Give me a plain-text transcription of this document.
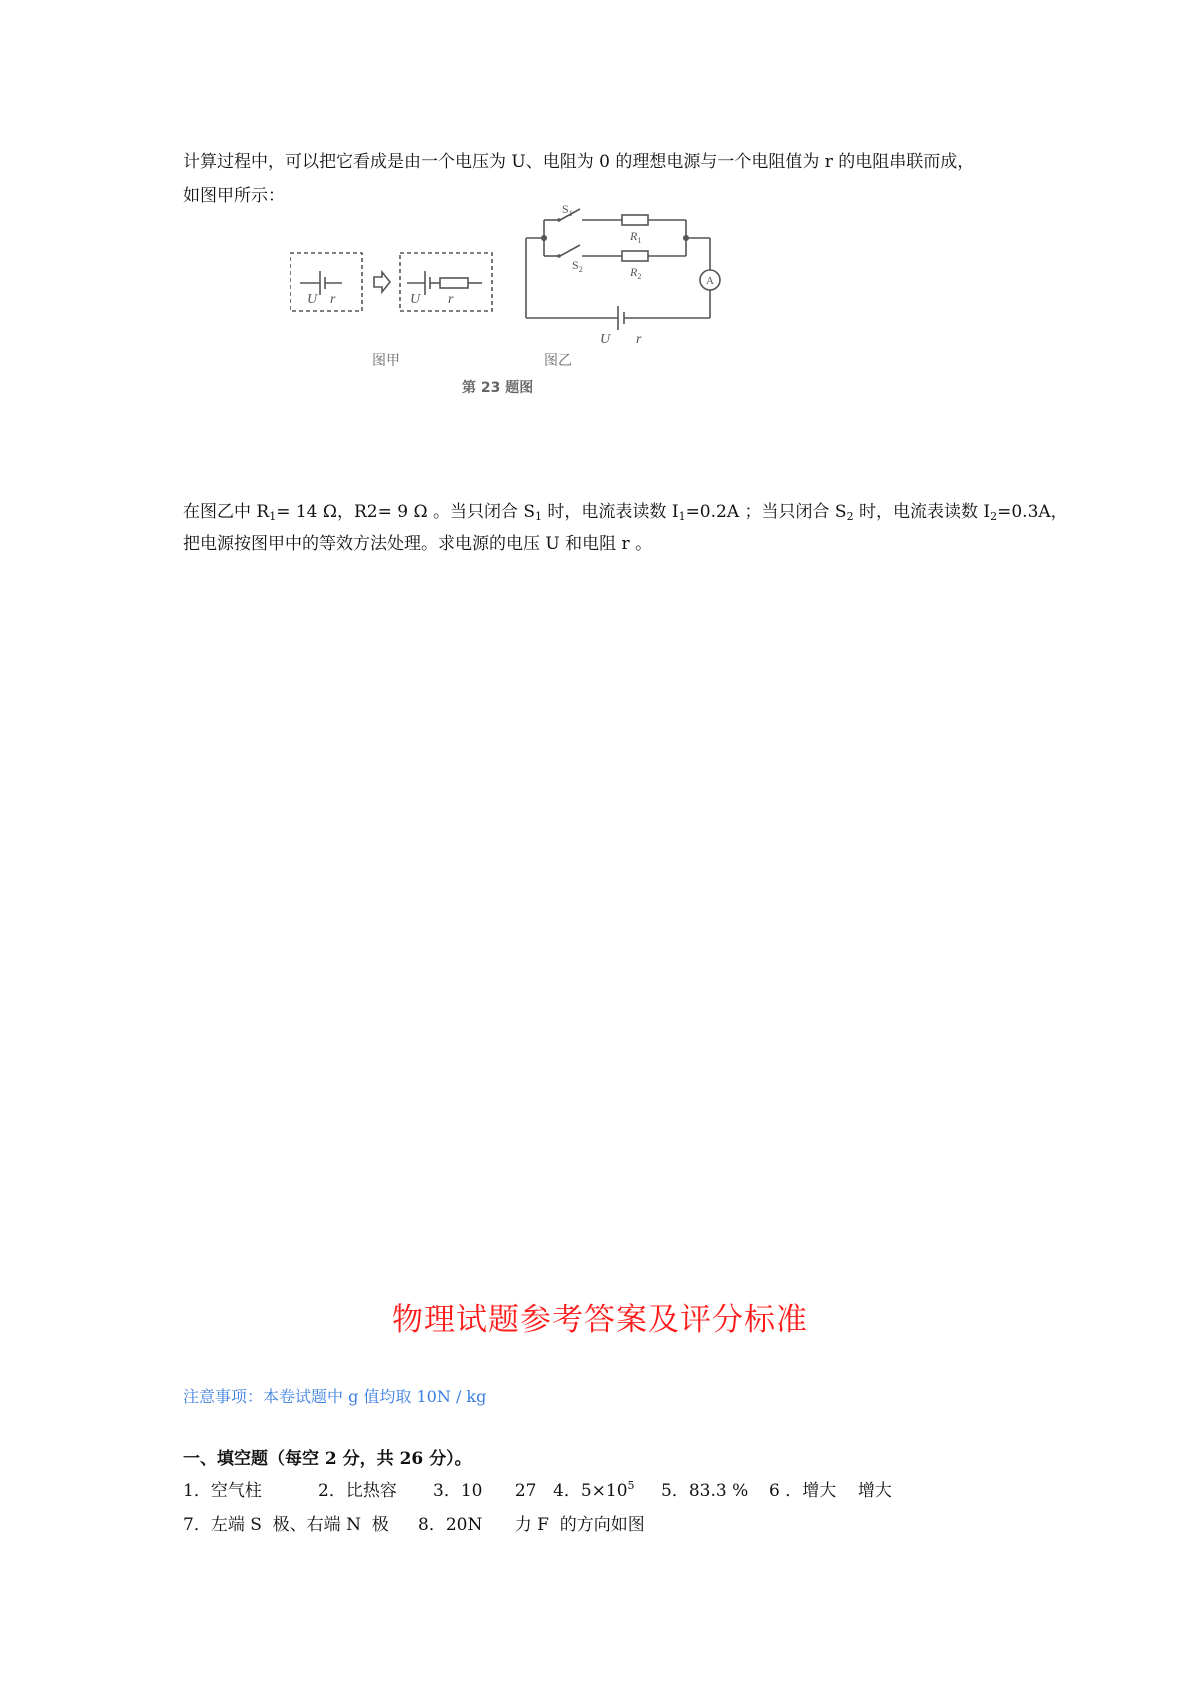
计算过程中，可以把它看成是由一个电压为 U、电阻为 0 的理想电源与一个电阻值为 r 的电阻串联而成，
如图甲所示：
U r	U r
U r
$R_1$
$R_2$
$S_1$
$S_2$
A
图甲	图乙
第 23 题图
在图乙中 $R_1= 14$ Ω，R2= 9 Ω 。当只闭合 $S_1$ 时，电流表读数 $I_1=0.2A$ ；当只闭合 $S_2$ 时，电流表读数 $I_2=0.3A$，
把电源按图甲中的等效方法处理。求电源的电压 U 和电阻 r 。
物理试题参考答案及评分标准
注意事项：本卷试题中 g 值均取 10N / kg
一、填空题（每空 2 分，共 26 分）。
1．空气柱	2．比热容 3．10      27 4．$5\times 10^5$ 5．83.3 % 6 ．增大    增大
7．左端 S  极、右端 N  极 8．20N      力 F  的方向如图
